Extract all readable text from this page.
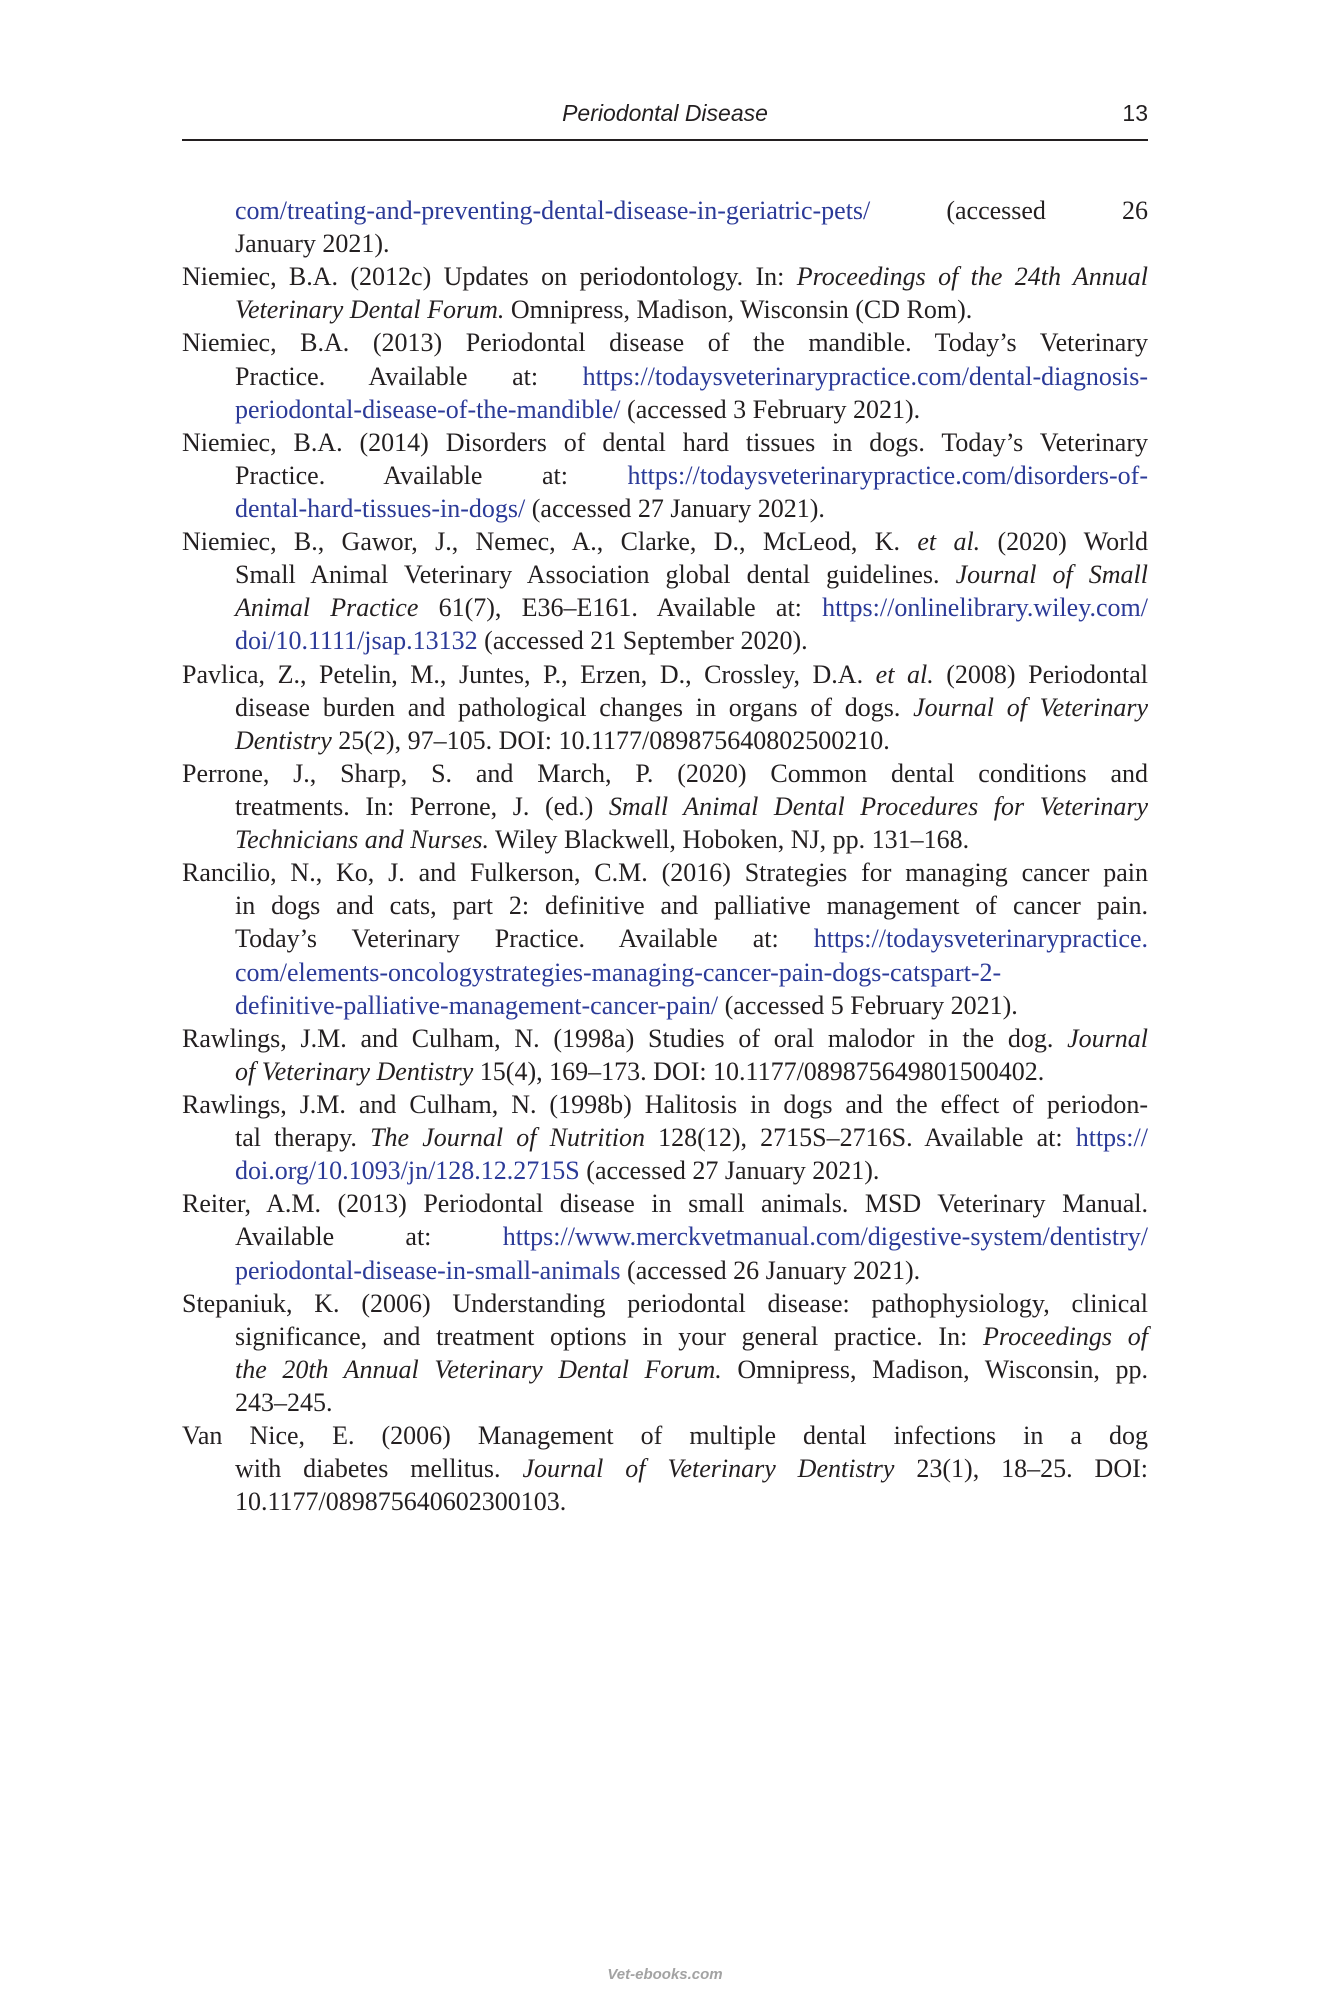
Periodontal Disease	13
com/treating-and-preventing-dental-disease-in-geriatric-pets/ (accessed 26
January 2021).
Niemiec, B.A. (2012c) Updates on periodontology. In: Proceedings of the 24th Annual
Veterinary Dental Forum. Omnipress, Madison, Wisconsin (CD Rom).
Niemiec, B.A. (2013) Periodontal disease of the mandible. Today’s Veterinary
Practice. Available at: https://todaysveterinarypractice.com/dental-diagnosis-
periodontal-disease-of-the-mandible/ (accessed 3 February 2021).
Niemiec, B.A. (2014) Disorders of dental hard tissues in dogs. Today’s Veterinary
Practice. Available at: https://todaysveterinarypractice.com/disorders-of-
dental-hard-tissues-in-dogs/ (accessed 27 January 2021).
Niemiec, B., Gawor, J., Nemec, A., Clarke, D., McLeod, K. et al. (2020) World
Small Animal Veterinary Association global dental guidelines. Journal of Small
Animal Practice 61(7), E36–E161. Available at: https://onlinelibrary.wiley.com/
doi/10.1111/jsap.13132 (accessed 21 September 2020).
Pavlica, Z., Petelin, M., Juntes, P., Erzen, D., Crossley, D.A. et al. (2008) Periodontal
disease burden and pathological changes in organs of dogs. Journal of Veterinary
Dentistry 25(2), 97–105. DOI: 10.1177/089875640802500210.
Perrone, J., Sharp, S. and March, P. (2020) Common dental conditions and
treatments. In: Perrone, J. (ed.) Small Animal Dental Procedures for Veterinary
Technicians and Nurses. Wiley Blackwell, Hoboken, NJ, pp. 131–168.
Rancilio, N., Ko, J. and Fulkerson, C.M. (2016) Strategies for managing cancer pain
in dogs and cats, part 2: definitive and palliative management of cancer pain.
Today’s Veterinary Practice. Available at: https://todaysveterinarypractice.
com/elements-oncologystrategies-managing-cancer-pain-dogs-catspart-2-
definitive-palliative-management-cancer-pain/ (accessed 5 February 2021).
Rawlings, J.M. and Culham, N. (1998a) Studies of oral malodor in the dog. Journal
of Veterinary Dentistry 15(4), 169–173. DOI: 10.1177/089875649801500402.
Rawlings, J.M. and Culham, N. (1998b) Halitosis in dogs and the effect of periodon-
tal therapy. The Journal of Nutrition 128(12), 2715S–2716S. Available at: https://
doi.org/10.1093/jn/128.12.2715S (accessed 27 January 2021).
Reiter, A.M. (2013) Periodontal disease in small animals. MSD Veterinary Manual.
Available at: https://www.merckvetmanual.com/digestive-system/dentistry/
periodontal-disease-in-small-animals (accessed 26 January 2021).
Stepaniuk, K. (2006) Understanding periodontal disease: pathophysiology, clinical
significance, and treatment options in your general practice. In: Proceedings of
the 20th Annual Veterinary Dental Forum. Omnipress, Madison, Wisconsin, pp.
243–245.
Van Nice, E. (2006) Management of multiple dental infections in a dog
with diabetes mellitus. Journal of Veterinary Dentistry 23(1), 18–25. DOI:
10.1177/089875640602300103.
Vet-ebooks.com
